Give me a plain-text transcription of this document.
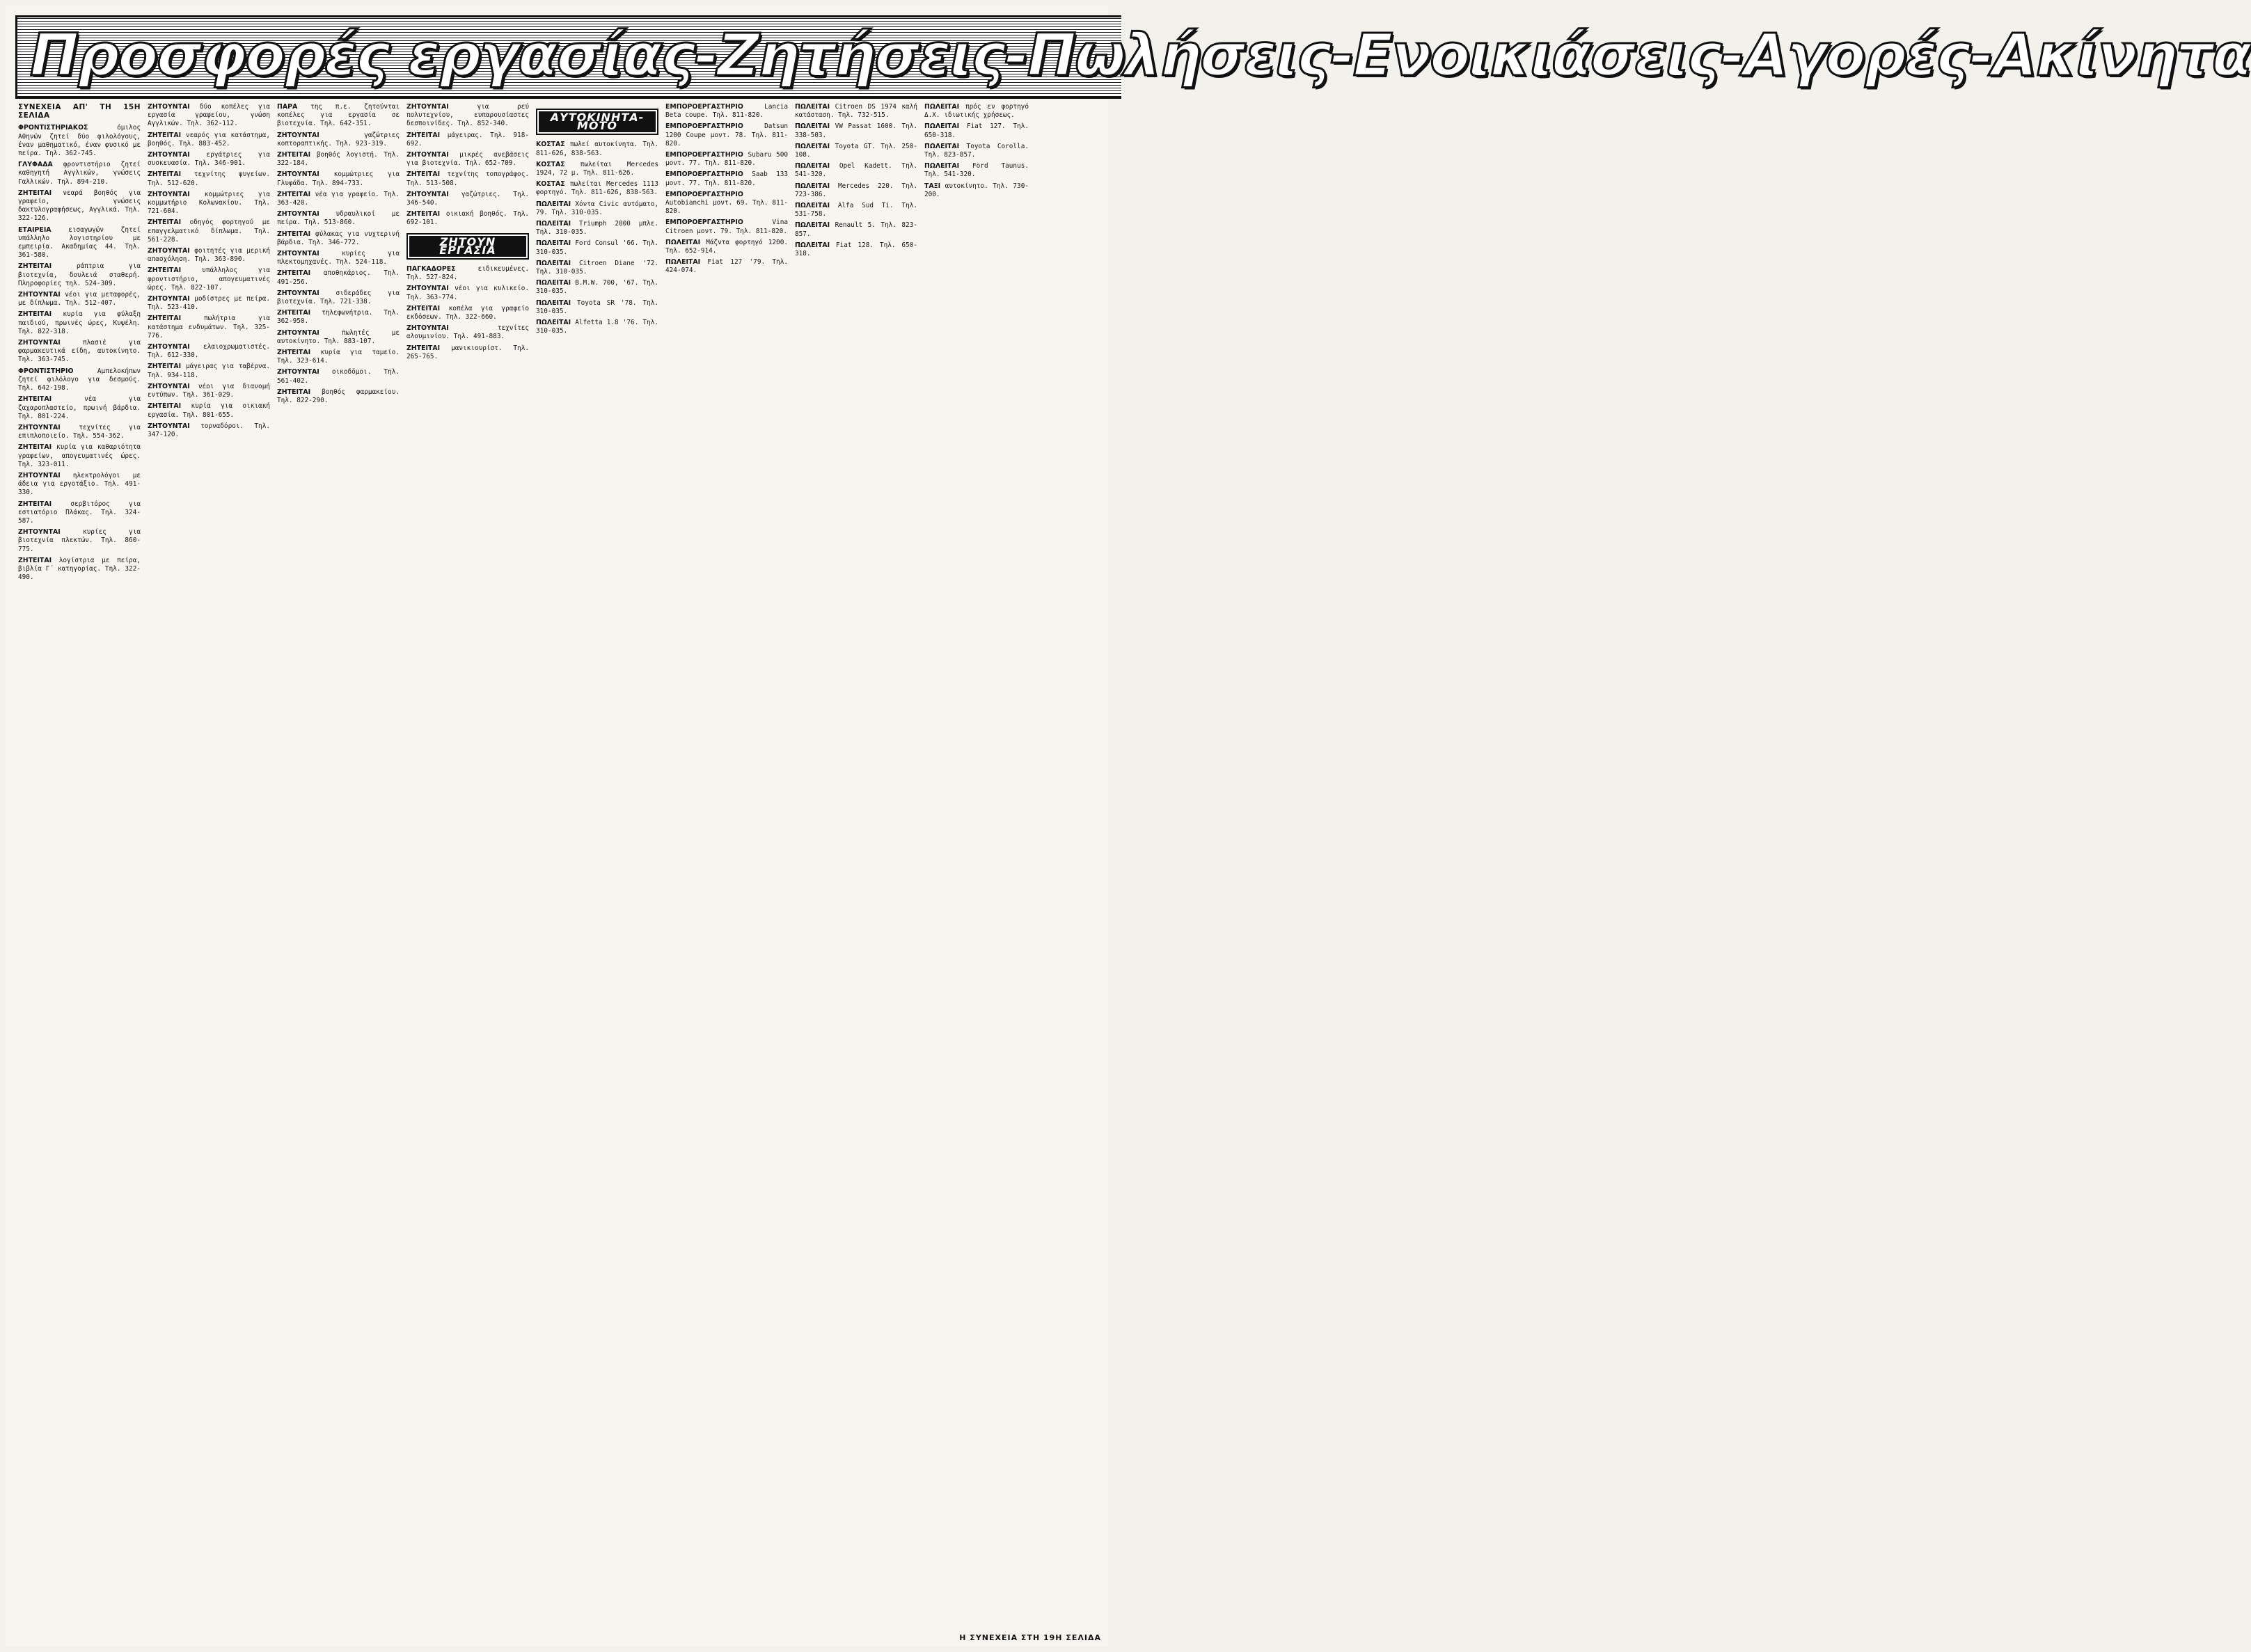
Προσφορές εργασίας-Ζητήσεις-Πωλήσεις-Ενοικιάσεις-Αγορές-Ακίνητα
ΣΥΝΕΧΕΙΑ ΑΠ' ΤΗ 15Η ΣΕΛΙΔΑ

ΦΡΟΝΤΙΣΤΗΡΙΑΚΟΣ	όμιλος Αθηνών ζητεί δύο φιλολόγους, έναν μαθηματικό, έναν φυσικό με πείρα. Τηλ. 362-745.

ΓΛΥΦΑΔΑ φροντιστήριο ζητεί καθηγητή Αγγλικών, γνώσεις Γαλλικών. Τηλ. 894-210.

ΖΗΤΕΙΤΑΙ νεαρά βοηθός για γραφείο, γνώσεις δακτυλογραφήσεως, Αγγλικά. Τηλ. 322-126.

ΕΤΑΙΡΕΙΑ	εισαγωγών ζητεί υπάλληλο λογιστηρίου με εμπειρία. Ακαδημίας 44. Τηλ. 361-580.

ΖΗΤΕΙΤΑΙ	ράπτρια για βιοτεχνία, δουλειά σταθερή. Πληροφορίες τηλ. 524-309.

ΖΗΤΟΥΝΤΑΙ νέοι για μεταφορές, με δίπλωμα. Τηλ. 512-407.

ΖΗΤΕΙΤΑΙ κυρία για φύλαξη παιδιού, πρωινές ώρες, Κυψέλη. Τηλ. 822-318.

ΖΗΤΟΥΝΤΑΙ	πλασιέ για φαρμακευτικά είδη, αυτοκίνητο. Τηλ. 363-745.

ΦΡΟΝΤΙΣΤΗΡΙΟ	Αμπελοκήπων ζητεί φιλόλογο για δεσμούς. Τηλ. 642-198.

ΖΗΤΕΙΤΑΙ	νέα για ζαχαροπλαστείο, πρωινή βάρδια. Τηλ. 801-224.

ΖΗΤΟΥΝΤΑΙ	τεχνίτες για επιπλοποιείο. Τηλ. 554-362.

ΖΗΤΕΙΤΑΙ κυρία για καθαριότητα γραφείων, απογευματινές ώρες. Τηλ. 323-011.

ΖΗΤΟΥΝΤΑΙ ηλεκτρολόγοι με άδεια για εργοτάξιο. Τηλ. 491-330.

ΖΗΤΕΙΤΑΙ	σερβιτόρος για εστιατόριο Πλάκας. Τηλ. 324-587.

ΖΗΤΟΥΝΤΑΙ	κυρίες για βιοτεχνία πλεκτών. Τηλ. 860-775.

ΖΗΤΕΙΤΑΙ λογίστρια με πείρα, βιβλία Γ΄ κατηγορίας. Τηλ. 322-490.

ΖΗΤΟΥΝΤΑΙ δύο κοπέλες για εργασία γραφείου, γνώση Αγγλικών. Τηλ. 362-112.

ΖΗΤΕΙΤΑΙ νεαρός για κατάστημα, βοηθός. Τηλ. 883-452.

ΖΗΤΟΥΝΤΑΙ	εργάτριες για συσκευασία. Τηλ. 346-901.

ΖΗΤΕΙΤΑΙ τεχνίτης ψυγείων. Τηλ. 512-620.

ΖΗΤΟΥΝΤΑΙ κομμώτριες για κομμωτήριο Κολωνακίου. Τηλ. 721-604.

ΖΗΤΕΙΤΑΙ οδηγός φορτηγού με επαγγελματικό δίπλωμα. Τηλ. 561-228.

ΖΗΤΟΥΝΤΑΙ φοιτητές για μερική απασχόληση. Τηλ. 363-890.

ΖΗΤΕΙΤΑΙ	υπάλληλος για φροντιστήριο, απογευματινές ώρες. Τηλ. 822-107.

ΖΗΤΟΥΝΤΑΙ μοδίστρες με πείρα. Τηλ. 523-410.

ΖΗΤΕΙΤΑΙ	πωλήτρια για κατάστημα ενδυμάτων. Τηλ. 325-776.

ΖΗΤΟΥΝΤΑΙ ελαιοχρωματιστές. Τηλ. 612-330.

ΖΗΤΕΙΤΑΙ μάγειρας για ταβέρνα. Τηλ. 934-118.

ΖΗΤΟΥΝΤΑΙ νέοι για διανομή εντύπων. Τηλ. 361-029.

ΖΗΤΕΙΤΑΙ κυρία για οικιακή εργασία. Τηλ. 801-655.

ΖΗΤΟΥΝΤΑΙ τορναδόροι. Τηλ. 347-120.

ΠΑΡΑ της π.ε. ζητούνται κοπέλες για εργασία σε βιοτεχνία. Τηλ. 642-351.

ΖΗΤΟΥΝΤΑΙ	γαζώτριες κοπτοραπτικής. Τηλ. 923-319.

ΖΗΤΕΙΤΑΙ βοηθός λογιστή. Τηλ. 322-184.

ΖΗΤΟΥΝΤΑΙ κομμώτριες για Γλυφάδα. Τηλ. 894-733.

ΖΗΤΕΙΤΑΙ νέα για γραφείο. Τηλ. 363-420.

ΖΗΤΟΥΝΤΑΙ	υδραυλικοί με πείρα. Τηλ. 513-860.

ΖΗΤΕΙΤΑΙ φύλακας για νυχτερινή βάρδια. Τηλ. 346-772.

ΖΗΤΟΥΝΤΑΙ	κυρίες για πλεκτομηχανές. Τηλ. 524-118.

ΖΗΤΕΙΤΑΙ αποθηκάριος. Τηλ. 491-256.

ΖΗΤΟΥΝΤΑΙ	σιδεράδες για βιοτεχνία. Τηλ. 721-338.

ΖΗΤΕΙΤΑΙ τηλεφωνήτρια. Τηλ. 362-950.

ΖΗΤΟΥΝΤΑΙ	πωλητές με αυτοκίνητο. Τηλ. 883-107.

ΖΗΤΕΙΤΑΙ κυρία για ταμείο. Τηλ. 323-614.

ΖΗΤΟΥΝΤΑΙ οικοδόμοι. Τηλ. 561-402.

ΖΗΤΕΙΤΑΙ βοηθός φαρμακείου. Τηλ. 822-290.

ΖΗΤΟΥΝΤΑΙ	για ρεύ πολυτεχνίου, ευπαρουσίαστες δεσποινίδες. Τηλ. 852-340.

ΖΗΤΕΙΤΑΙ μάγειρας. Τηλ. 918-692.

ΖΗΤΟΥΝΤΑΙ μικρές ανεβάσεις για βιοτεχνία. Τηλ. 652-709.

ΖΗΤΕΙΤΑΙ τεχνίτης τοπογράφος. Τηλ. 513-508.

ΖΗΤΟΥΝΤΑΙ γαζώτριες. Τηλ. 346-540.

ΖΗΤΕΙΤΑΙ οικιακή βοηθός. Τηλ. 692-101.

ΖΗΤΟΥΝ ΕΡΓΑΣΙΑ

ΠΑΓΚΑΔΟΡΕΣ	ειδικευμένες. Τηλ. 527-824.

ΖΗΤΟΥΝΤΑΙ νέοι για κυλικείο. Τηλ. 363-774.

ΖΗΤΕΙΤΑΙ κοπέλα για γραφείο εκδόσεων. Τηλ. 322-660.

ΖΗΤΟΥΝΤΑΙ	τεχνίτες αλουμινίου. Τηλ. 491-883.

ΖΗΤΕΙΤΑΙ μανικιουρίστ. Τηλ. 265-765.

ΑΥΤΟΚΙΝΗΤΑ-ΜΟΤΟ

ΚΟΣΤΑΣ πωλεί αυτοκίνητα. Τηλ. 811-626, 838-563.

ΚΟΣΤΑΣ πωλείται Mercedes 1924, 72 μ. Τηλ. 811-626.

ΚΟΣΤΑΣ πωλείται Mercedes 1113 φορτηγό. Τηλ. 811-626, 838-563.

ΠΩΛΕΙΤΑΙ Χόντα Civic αυτόματο, 79. Τηλ. 310-035.

ΠΩΛΕΙΤΑΙ Triumph 2000 μπλε. Τηλ. 310-035.

ΠΩΛΕΙΤΑΙ Ford Consul '66. Τηλ. 310-035.

ΠΩΛΕΙΤΑΙ Citroen Diane '72. Τηλ. 310-035.

ΠΩΛΕΙΤΑΙ B.M.W. 700, '67. Τηλ. 310-035.

ΠΩΛΕΙΤΑΙ Toyota SR '78. Τηλ. 310-035.

ΠΩΛΕΙΤΑΙ Alfetta 1.8 '76. Τηλ. 310-035.

ΕΜΠΟΡΟΕΡΓΑΣΤΗΡΙΟ	Lancia Beta coupe. Τηλ. 811-820.

ΕΜΠΟΡΟΕΡΓΑΣΤΗΡΙΟ	Datsun 1200 Coupe μοντ. 78. Τηλ. 811-820.

ΕΜΠΟΡΟΕΡΓΑΣΤΗΡΙΟ Subaru 500 μοντ. 77. Τηλ. 811-820.

ΕΜΠΟΡΟΕΡΓΑΣΤΗΡΙΟ Saab 133 μοντ. 77. Τηλ. 811-820.

ΕΜΠΟΡΟΕΡΓΑΣΤΗΡΙΟ Autobianchi μοντ. 69. Τηλ. 811-820.

ΕΜΠΟΡΟΕΡΓΑΣΤΗΡΙΟ	Vina Citroen μοντ. 79. Τηλ. 811-820.

ΠΩΛΕΙΤΑΙ Μάζντα φορτηγό 1200. Τηλ. 652-914.

ΠΩΛΕΙΤΑΙ Fiat 127 '79. Τηλ. 424-074.

ΠΩΛΕΙΤΑΙ Citroen DS 1974 καλή κατάσταση. Τηλ. 732-515.

ΠΩΛΕΙΤΑΙ VW Passat 1600. Τηλ. 338-503.

ΠΩΛΕΙΤΑΙ Toyota GT. Τηλ. 250-108.

ΠΩΛΕΙΤΑΙ Opel Kadett. Τηλ. 541-320.

ΠΩΛΕΙΤΑΙ Mercedes 220. Τηλ. 723-386.

ΠΩΛΕΙΤΑΙ Alfa Sud Ti. Τηλ. 531-758.

ΠΩΛΕΙΤΑΙ Renault 5. Τηλ. 823-857.

ΠΩΛΕΙΤΑΙ Fiat 128. Τηλ. 650-318.

ΠΩΛΕΙΤΑΙ πρός εν φορτηγό Δ.Χ. ιδιωτικής χρήσεως.

ΠΩΛΕΙΤΑΙ Fiat 127. Τηλ. 650-318.

ΠΩΛΕΙΤΑΙ Toyota Corolla. Τηλ. 823-857.

ΠΩΛΕΙΤΑΙ Ford Taunus. Τηλ. 541-320.

ΤΑΞΙ αυτοκίνητο. Τηλ. 730-200.

Η ΣΥΝΕΧΕΙΑ ΣΤΗ 19Η ΣΕΛΙΔΑ
